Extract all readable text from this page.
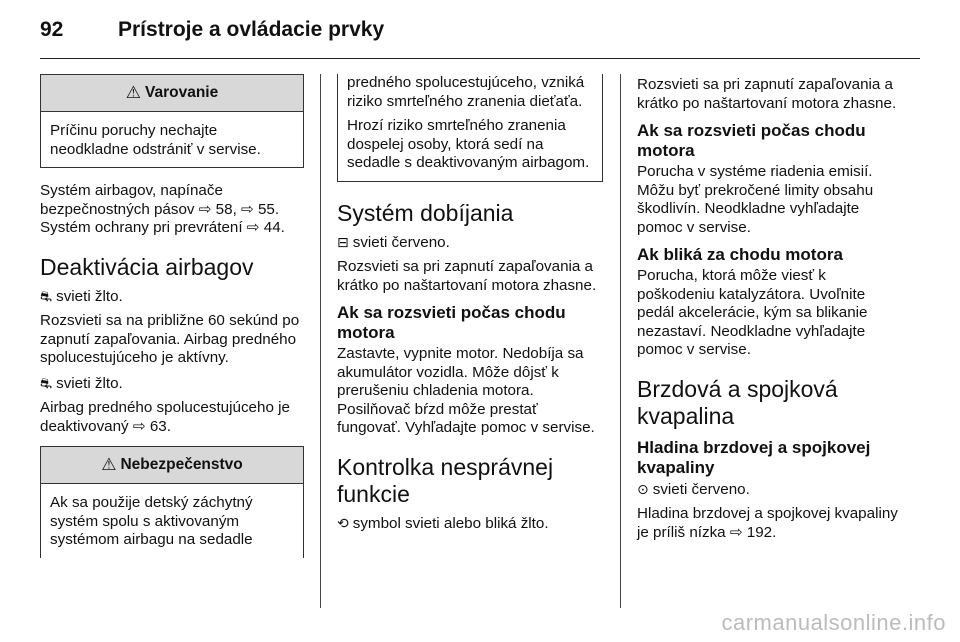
92	Prístroje a ovládacie prvky
⚠ Varovanie
Príčinu poruchy nechajte neodkladne odstrániť v servise.

Systém airbagov, napínače bezpečnostných pásov ⇨ 58, ⇨ 55.

Systém ochrany pri prevrátení ⇨ 44.

Deaktivácia airbagov

⛐ svieti žlto.

Rozsvieti sa na približne 60 sekúnd po zapnutí zapaľovania. Airbag predného spolucestujúceho je aktívny.

⛐ svieti žlto.

Airbag predného spolucestujúceho je deaktivovaný ⇨ 63.

⚠ Nebezpečenstvo
Ak sa použije detský záchytný systém spolu s aktivovaným systémom airbagu na sedadle

predného spolucestujúceho, vzniká riziko smrteľného zranenia dieťaťa.

Hrozí riziko smrteľného zranenia dospelej osoby, ktorá sedí na sedadle s deaktivovaným airbagom.

Systém dobíjania

⊟ svieti červeno.

Rozsvieti sa pri zapnutí zapaľovania a krátko po naštartovaní motora zhasne.

Ak sa rozsvieti počas chodu motora

Zastavte, vypnite motor. Nedobíja sa akumulátor vozidla. Môže dôjsť k prerušeniu chladenia motora. Posilňovač bŕzd môže prestať fungovať. Vyhľadajte pomoc v servise.

Kontrolka nesprávnej funkcie

⟲ symbol svieti alebo bliká žlto.

Rozsvieti sa pri zapnutí zapaľovania a krátko po naštartovaní motora zhasne.

Ak sa rozsvieti počas chodu motora

Porucha v systéme riadenia emisií. Môžu byť prekročené limity obsahu škodlivín. Neodkladne vyhľadajte pomoc v servise.

Ak bliká za chodu motora

Porucha, ktorá môže viesť k poškodeniu katalyzátora. Uvoľnite pedál akcelerácie, kým sa blikanie nezastaví. Neodkladne vyhľadajte pomoc v servise.

Brzdová a spojková kvapalina
Hladina brzdovej a spojkovej kvapaliny

⊙ svieti červeno.

Hladina brzdovej a spojkovej kvapaliny je príliš nízka ⇨ 192.

carmanualsonline.info
